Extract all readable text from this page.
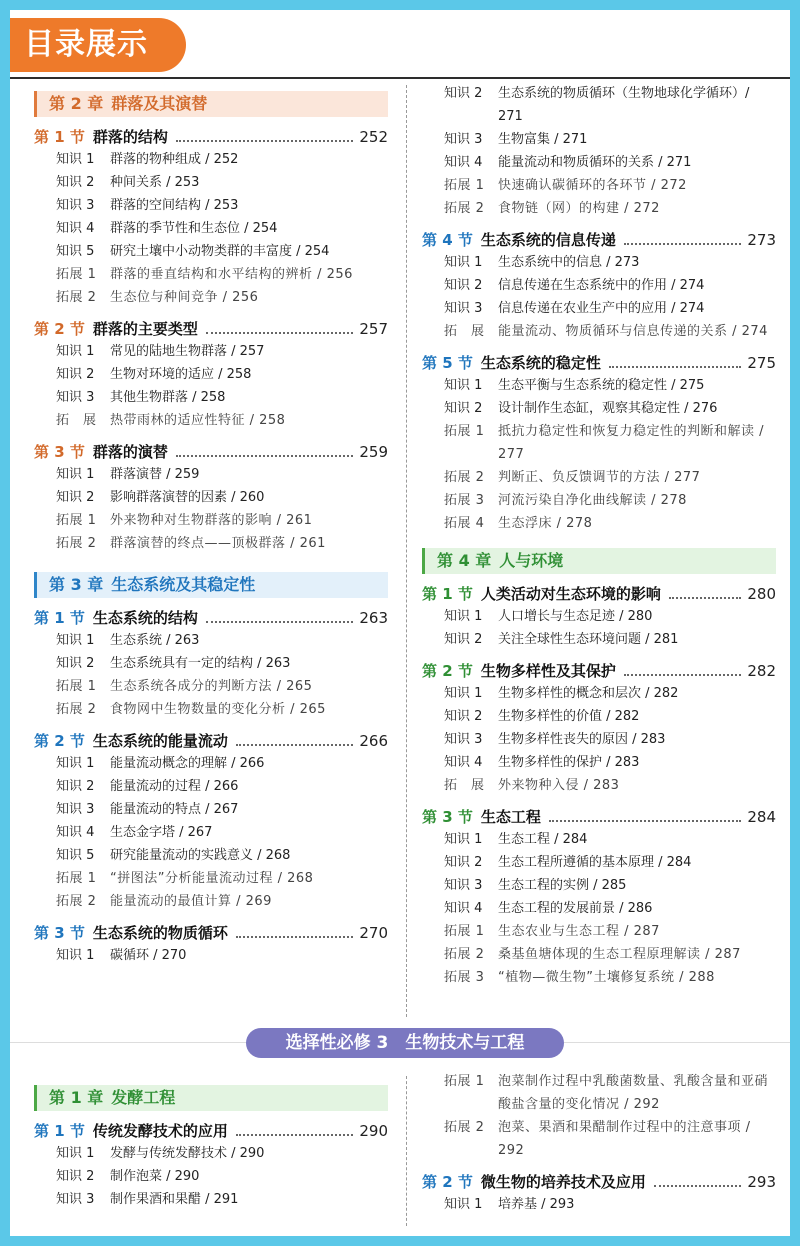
目录展示
第 2 章 群落及其演替
第 1 节 群落的结构	252
知识 1	群落的物种组成 / 252
知识 2	种间关系 / 253
知识 3	群落的空间结构 / 253
知识 4	群落的季节性和生态位 / 254
知识 5	研究土壤中小动物类群的丰富度 / 254
拓展 1	群落的垂直结构和水平结构的辨析 / 256
拓展 2	生态位与种间竞争 / 256
第 2 节 群落的主要类型	257
知识 1	常见的陆地生物群落 / 257
知识 2	生物对环境的适应 / 258
知识 3	其他生物群落 / 258
拓　展	热带雨林的适应性特征 / 258
第 3 节 群落的演替	259
知识 1	群落演替 / 259
知识 2	影响群落演替的因素 / 260
拓展 1	外来物种对生物群落的影响 / 261
拓展 2	群落演替的终点——顶极群落 / 261
第 3 章 生态系统及其稳定性
第 1 节 生态系统的结构	263
知识 1	生态系统 / 263
知识 2	生态系统具有一定的结构 / 263
拓展 1	生态系统各成分的判断方法 / 265
拓展 2	食物网中生物数量的变化分析 / 265
第 2 节 生态系统的能量流动	266
知识 1	能量流动概念的理解 / 266
知识 2	能量流动的过程 / 266
知识 3	能量流动的特点 / 267
知识 4	生态金字塔 / 267
知识 5	研究能量流动的实践意义 / 268
拓展 1	“拼图法”分析能量流动过程 / 268
拓展 2	能量流动的最值计算 / 269
第 3 节 生态系统的物质循环	270
知识 1	碳循环 / 270
知识 2	生态系统的物质循环（生物地球化学循环）/ 271
知识 3	生物富集 / 271
知识 4	能量流动和物质循环的关系 / 271
拓展 1	快速确认碳循环的各环节 / 272
拓展 2	食物链（网）的构建 / 272
第 4 节 生态系统的信息传递	273
知识 1	生态系统中的信息 / 273
知识 2	信息传递在生态系统中的作用 / 274
知识 3	信息传递在农业生产中的应用 / 274
拓　展	能量流动、物质循环与信息传递的关系 / 274
第 5 节 生态系统的稳定性	275
知识 1	生态平衡与生态系统的稳定性 / 275
知识 2	设计制作生态缸，观察其稳定性 / 276
拓展 1	抵抗力稳定性和恢复力稳定性的判断和解读 / 277
拓展 2	判断正、负反馈调节的方法 / 277
拓展 3	河流污染自净化曲线解读 / 278
拓展 4	生态浮床 / 278
第 4 章 人与环境
第 1 节 人类活动对生态环境的影响	280
知识 1	人口增长与生态足迹 / 280
知识 2	关注全球性生态环境问题 / 281
第 2 节 生物多样性及其保护	282
知识 1	生物多样性的概念和层次 / 282
知识 2	生物多样性的价值 / 282
知识 3	生物多样性丧失的原因 / 283
知识 4	生物多样性的保护 / 283
拓　展	外来物种入侵 / 283
第 3 节 生态工程	284
知识 1	生态工程 / 284
知识 2	生态工程所遵循的基本原理 / 284
知识 3	生态工程的实例 / 285
知识 4	生态工程的发展前景 / 286
拓展 1	生态农业与生态工程 / 287
拓展 2	桑基鱼塘体现的生态工程原理解读 / 287
拓展 3	“植物—微生物”土壤修复系统 / 288
选择性必修 3　生物技术与工程
第 1 章 发酵工程
第 1 节 传统发酵技术的应用	290
知识 1	发酵与传统发酵技术 / 290
知识 2	制作泡菜 / 290
知识 3	制作果酒和果醋 / 291
拓展 1	泡菜制作过程中乳酸菌数量、乳酸含量和亚硝酸盐含量的变化情况 / 292
拓展 2	泡菜、果酒和果醋制作过程中的注意事项 / 292
第 2 节 微生物的培养技术及应用	293
知识 1	培养基 / 293
